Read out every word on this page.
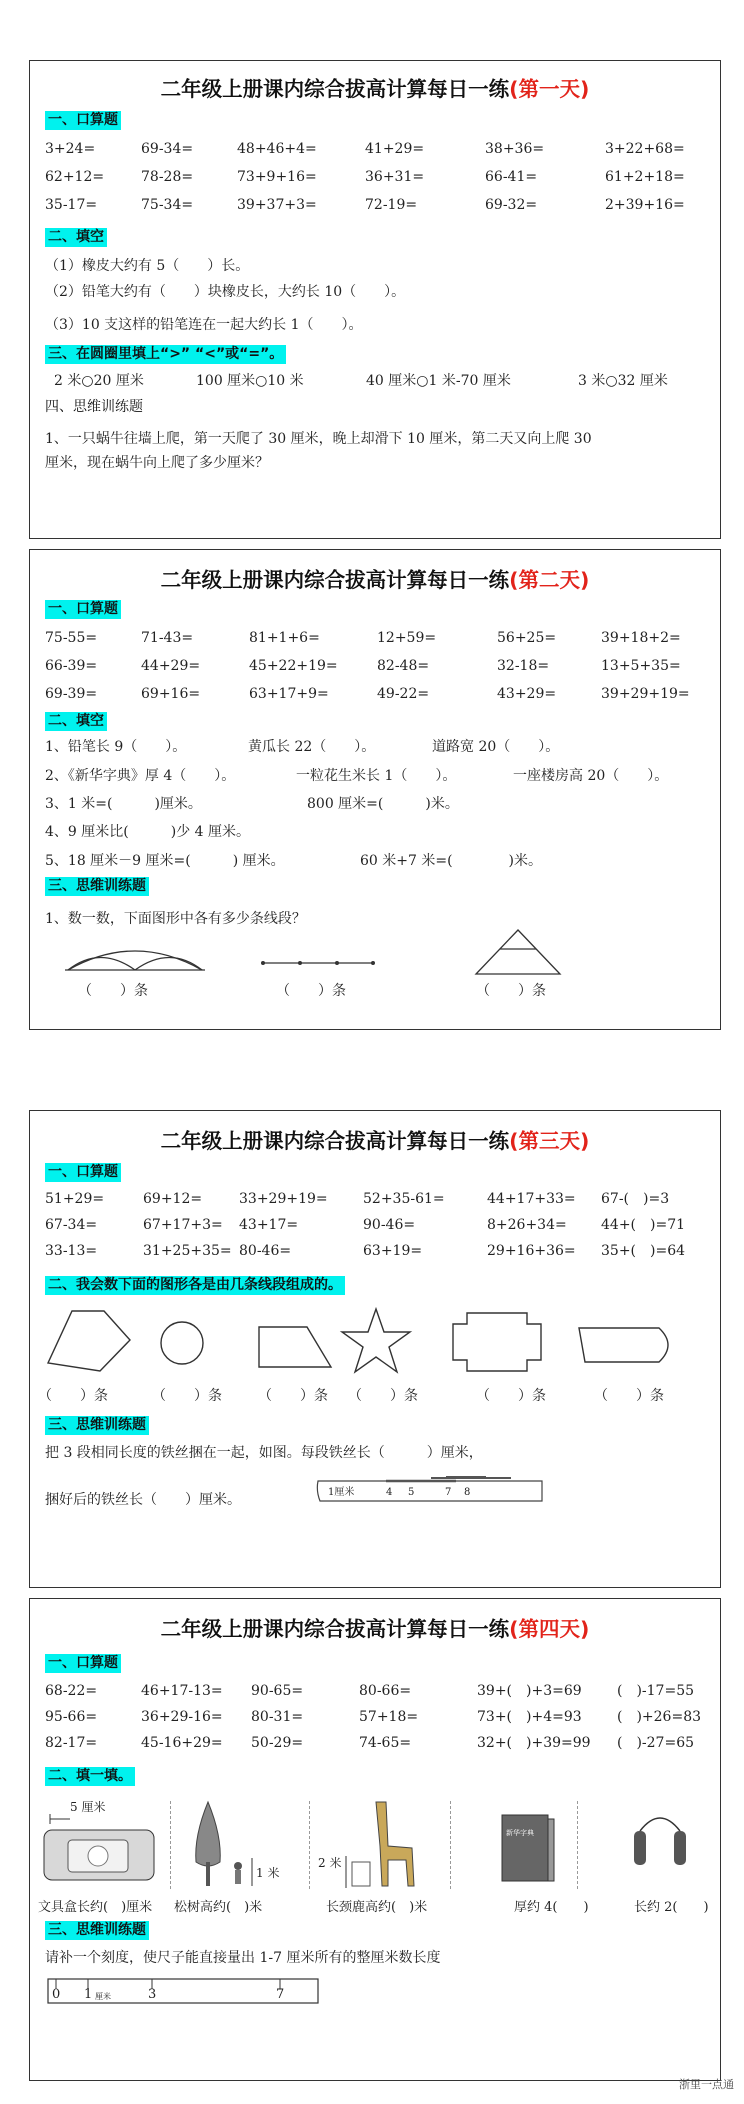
二年级上册课内综合拔高计算每日一练(第一天)
一、口算题
3+24=	69-34=	48+46+4=	41+29=	38+36=	3+22+68=
62+12=	78-28=	73+9+16=	36+31=	66-41=	61+2+18=
35-17=	75-34=	39+37+3=	72-19=	69-32=	2+39+16=
二、填空
（1）橡皮大约有 5（　　）长。
（2）铅笔大约有（　　）块橡皮长，大约长 10（　　）。
（3）10 支这样的铅笔连在一起大约长 1（　　）。
三、在圆圈里填上“>” “<”或“=”。
2 米○20 厘米	100 厘米○10 米	40 厘米○1 米-70 厘米	3 米○32 厘米
四、思维训练题
1、一只蜗牛往墙上爬，第一天爬了 30 厘米，晚上却滑下 10 厘米，第二天又向上爬 30
厘米，现在蜗牛向上爬了多少厘米？
二年级上册课内综合拔高计算每日一练(第二天)
一、口算题
75-55=	71-43=	81+1+6=	12+59=	56+25=	39+18+2=
66-39=	44+29=	45+22+19=	82-48=	32-18=	13+5+35=
69-39=	69+16=	63+17+9=	49-22=	43+29=	39+29+19=
二、填空
1、铅笔长 9（　　）。	黄瓜长 22（　　）。	道路宽 20（　　）。
2、《新华字典》厚 4（　　）。	一粒花生米长 1（　　）。	一座楼房高 20（　　）。
3、1 米=(　　　)厘米。	800 厘米=(　　　)米。
4、9 厘米比(　　　)少 4 厘米。
5、18 厘米－9 厘米=(　　　) 厘米。	60 米+7 米=(　　　　)米。
三、思维训练题
1、数一数，下面图形中各有多少条线段？
（　　）条	（　　）条	（　　）条
二年级上册课内综合拔高计算每日一练(第三天)
一、口算题
51+29=	69+12=	33+29+19=	52+35-61=	44+17+33=	67-(　)=3
67-34=	67+17+3=	43+17=	90-46=	8+26+34=	44+(　)=71
33-13=	31+25+35= 80-46=	63+19=	29+16+36=	35+(　)=64
二、我会数下面的图形各是由几条线段组成的。
（　　）条	（　　）条	（　　）条 （　　）条	（　　）条	（　　）条
三、思维训练题
把 3 段相同长度的铁丝捆在一起，如图。每段铁丝长（　　　）厘米，
捆好后的铁丝长（　　）厘米。	1厘米	4 5	7 8
二年级上册课内综合拔高计算每日一练(第四天)
一、口算题
68-22=	46+17-13=	90-65=	80-66=	39+(　)+3=69	(　)-17=55
95-66=	36+29-16=	80-31=	57+18=	73+(　)+4=93	(　)+26=83
82-17=	45-16+29=	50-29=	74-65=	32+(　)+39=99	(　)-27=65
二、填一填。
5 厘米
1 米
2 米
新华字典
文具盒长约(　)厘米 松树高约(　)米	长颈鹿高约(　)米	厚约 4(　　)	长约 2(　　)
三、思维训练题
请补一个刻度，使尺子能直接量出 1-7 厘米所有的整厘米数长度
0 1 厘米	3	7
浙里一点通
